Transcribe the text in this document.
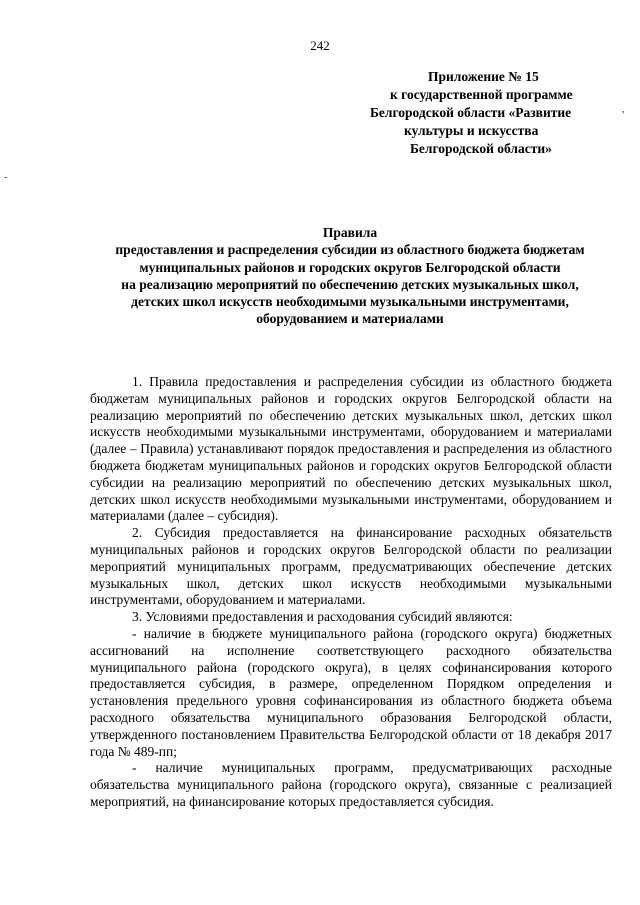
242
-
,
Приложение № 15
к государственной программе
Белгородской области «Развитие
культуры и искусства
Белгородской области»
Правила
предоставления и распределения субсидии из областного бюджета бюджетам
муниципальных районов и городских округов Белгородской области
на реализацию мероприятий по обеспечению детских музыкальных школ,
детских школ искусств необходимыми музыкальными инструментами,
оборудованием и материалами

1. Правила предоставления и распределения субсидии из областного бюджета бюджетам муниципальных районов и городских округов Белгородской области на реализацию мероприятий по обеспечению детских музыкальных школ, детских школ искусств необходимыми музыкальными инструментами, оборудованием и материалами (далее – Правила) устанавливают порядок предоставления и распределения из областного бюджета бюджетам муниципальных районов и городских округов Белгородской области субсидии на реализацию мероприятий по обеспечению детских музыкальных школ, детских школ искусств необходимыми музыкальными инструментами, оборудованием и материалами (далее – субсидия).

2. Субсидия предоставляется на финансирование расходных обязательств муниципальных районов и городских округов Белгородской области по реализации мероприятий муниципальных программ, предусматривающих обеспечение детских музыкальных школ, детских школ искусств необходимыми музыкальными инструментами, оборудованием и материалами.

3. Условиями предоставления и расходования субсидий являются:

- наличие в бюджете муниципального района (городского округа) бюджетных ассигнований на исполнение соответствующего расходного обязательства муниципального района (городского округа), в целях софинансирования которого предоставляется субсидия, в размере, определенном Порядком определения и установления предельного уровня софинансирования из областного бюджета объема расходного обязательства муниципального образования Белгородской области, утвержденного постановлением Правительства Белгородской области от 18 декабря 2017 года № 489-пп;

- наличие муниципальных программ, предусматривающих расходные обязательства муниципального района (городского округа), связанные с реализацией мероприятий, на финансирование которых предоставляется субсидия.
